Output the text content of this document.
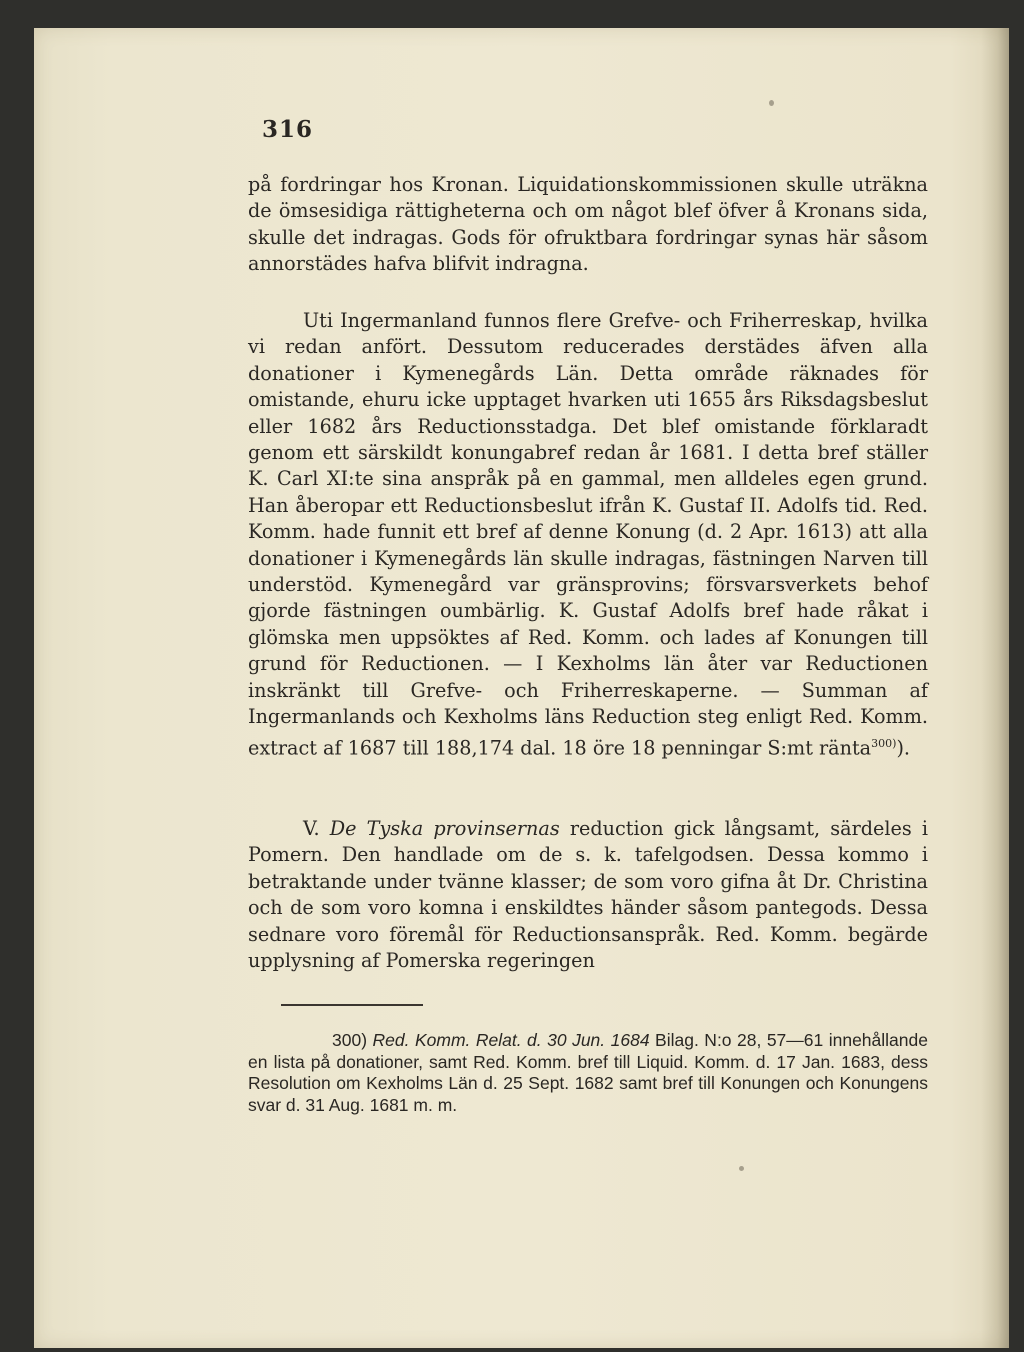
316

på fordringar hos Kronan. Liquidationskommissionen skulle uträkna de ömsesidiga rättigheterna och om något blef öfver å Kronans sida, skulle det indragas. Gods för ofruktbara fordringar synas här såsom annorstädes hafva blifvit indragna.

Uti Ingermanland funnos flere Grefve- och Friherreskap, hvilka vi redan anfört. Dessutom reducerades derstädes äfven alla donationer i Kymenegårds Län. Detta område räknades för omistande, ehuru icke upptaget hvarken uti 1655 års Riksdagsbeslut eller 1682 års Reductionsstadga. Det blef omistande förklaradt genom ett särskildt konungabref redan år 1681. I detta bref ställer K. Carl XI:te sina anspråk på en gammal, men alldeles egen grund. Han åberopar ett Reductionsbeslut ifrån K. Gustaf II. Adolfs tid. Red. Komm. hade funnit ett bref af denne Konung (d. 2 Apr. 1613) att alla donationer i Kymenegårds län skulle indragas, fästningen Narven till understöd. Kymenegård var gränsprovins; försvarsverkets behof gjorde fästningen oumbärlig. K. Gustaf Adolfs bref hade råkat i glömska men uppsöktes af Red. Komm. och lades af Konungen till grund för Reductionen. — I Kexholms län åter var Reductionen inskränkt till Grefve- och Friherreskaperne. — Summan af Ingermanlands och Kexholms läns Reduction steg enligt Red. Komm. extract af 1687 till 188,174 dal. 18 öre 18 penningar S:mt ränta$^{300)}$).

V. De Tyska provinsernas reduction gick långsamt, särdeles i Pomern. Den handlade om de s. k. tafelgodsen. Dessa kommo i betraktande under tvänne klasser; de som voro gifna åt Dr. Christina och de som voro komna i enskildtes händer såsom pantegods. Dessa sednare voro föremål för Reductionsanspråk. Red. Komm. begärde upplysning af Pomerska regeringen

300) Red. Komm. Relat. d. 30 Jun. 1684 Bilag. N:o 28, 57—61 innehållande en lista på donationer, samt Red. Komm. bref till Liquid. Komm. d. 17 Jan. 1683, dess Resolution om Kexholms Län d. 25 Sept. 1682 samt bref till Konungen och Konungens svar d. 31 Aug. 1681 m. m.
